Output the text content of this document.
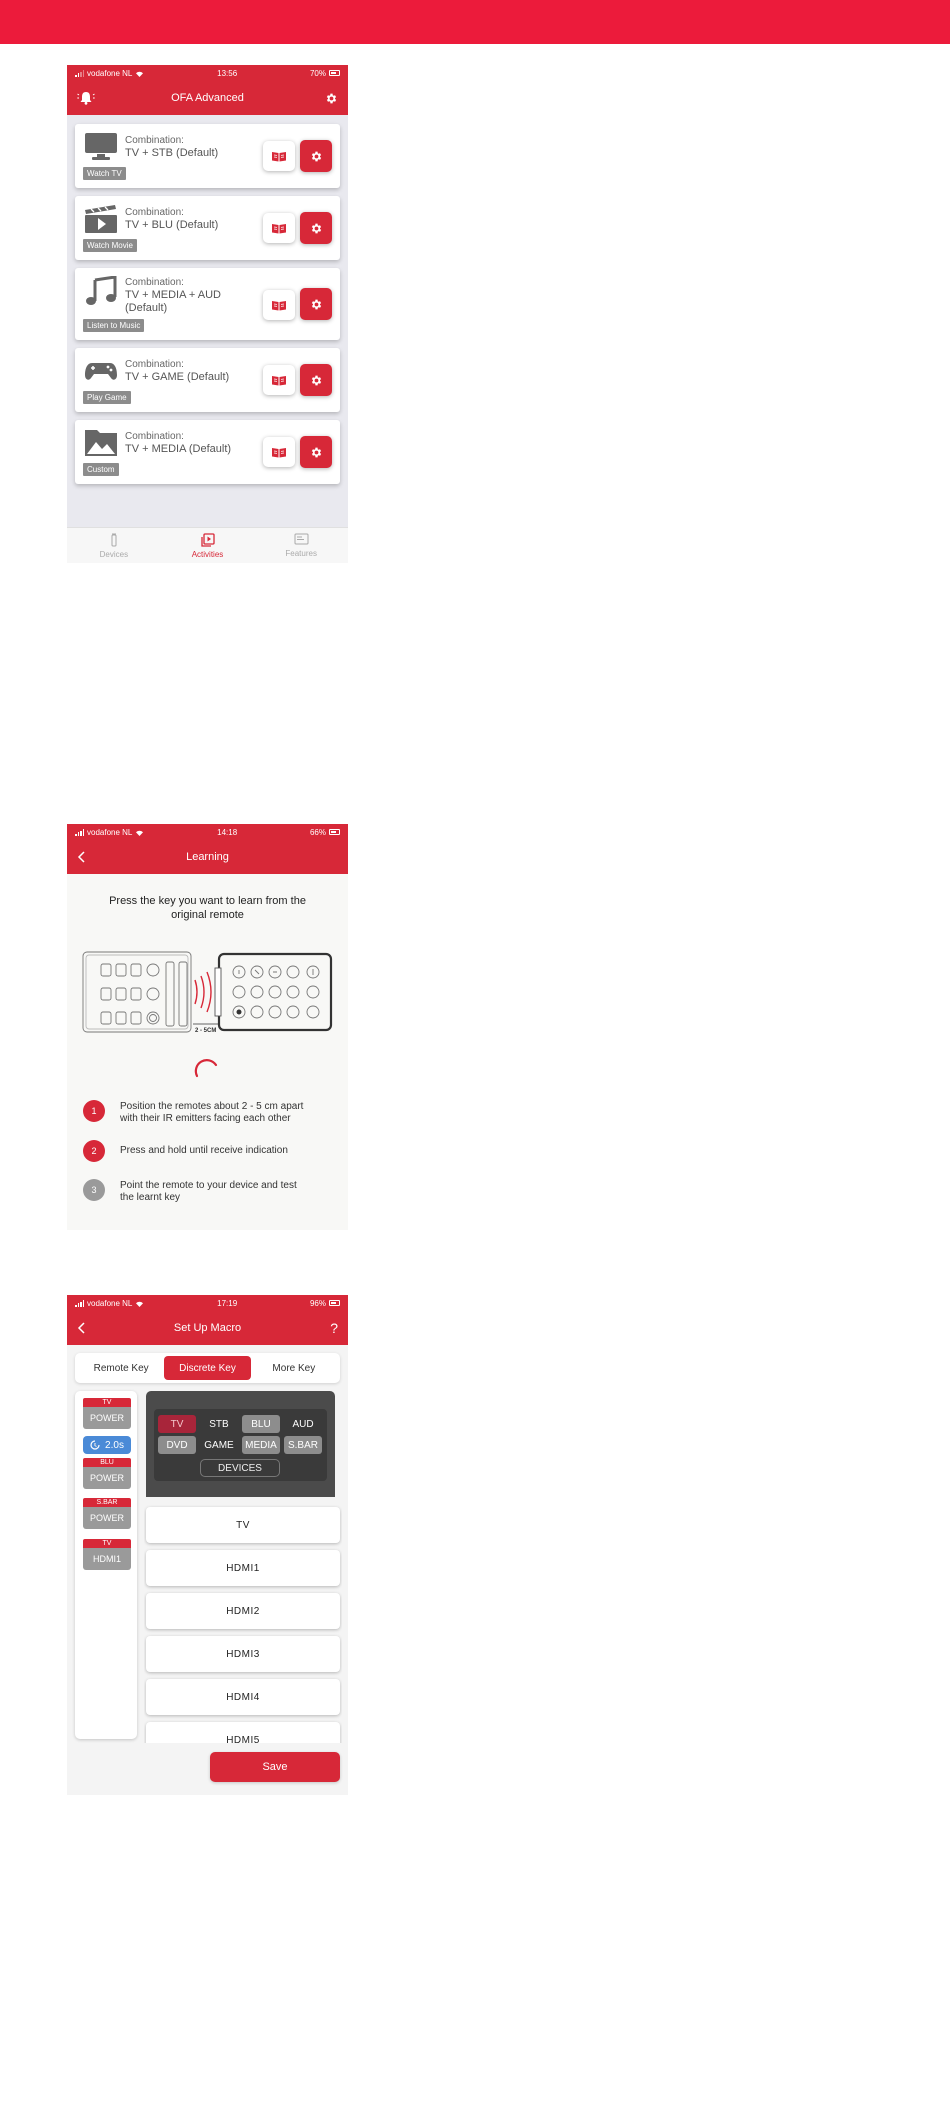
vodafone NL	13:56	70%
OFA Advanced
Combination:
TV + STB (Default)
Watch TV
Combination:
TV + BLU (Default)
Watch Movie
Combination:
TV + MEDIA + AUD (Default)
Listen to Music
Combination:
TV + GAME (Default)
Play Game
Combination:
TV + MEDIA (Default)
Custom
Devices	Activities	Features
vodafone NL	14:18	66%
Learning
Press the key you want to learn from the
original remote
2 - 5CM
1	Position the remotes about 2 - 5 cm apart
with their IR emitters facing each other
2	Press and hold until receive indication
3	Point the remote to your device and test
the learnt key
vodafone NL	17:19	96%
Set Up Macro	?
Remote Key	Discrete Key	More Key
TV
POWER
2.0s
BLU
POWER
S.BAR
POWER
TV
HDMI1
TV	STB	BLU	AUD
DVD	GAME	MEDIA	S.BAR
DEVICES
TV
HDMI1
HDMI2
HDMI3
HDMI4
HDMI5
Save
